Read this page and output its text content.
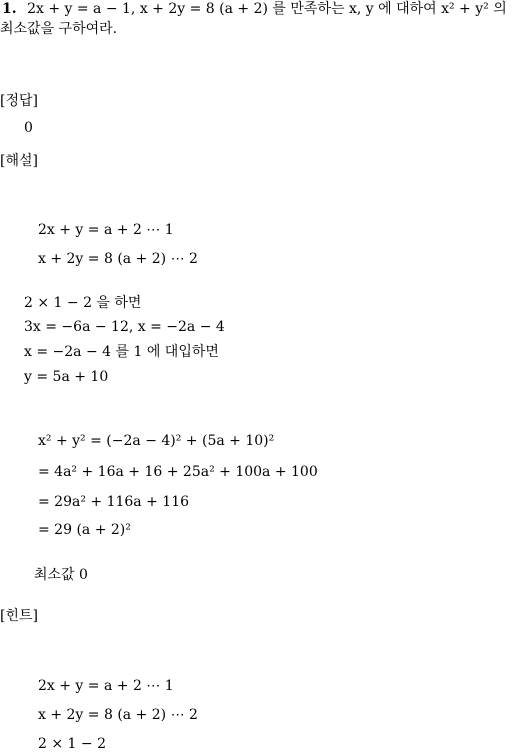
1. 2x + y = a − 1, x + 2y = 8 (a + 2) 를 만족하는 x, y 에 대하여 x² + y² 의
최소값을 구하여라.
[정답]
0
[해설]
2x + y = a + 2 ⋯ 1
x + 2y = 8 (a + 2) ⋯ 2
2 × 1 − 2 을 하면
3x = −6a − 12, x = −2a − 4
x = −2a − 4 를 1 에 대입하면
y = 5a + 10
x² + y² = (−2a − 4)² + (5a + 10)²
= 4a² + 16a + 16 + 25a² + 100a + 100
= 29a² + 116a + 116
= 29 (a + 2)²
최소값 0
[힌트]
2x + y = a + 2 ⋯ 1
x + 2y = 8 (a + 2) ⋯ 2
2 × 1 − 2
